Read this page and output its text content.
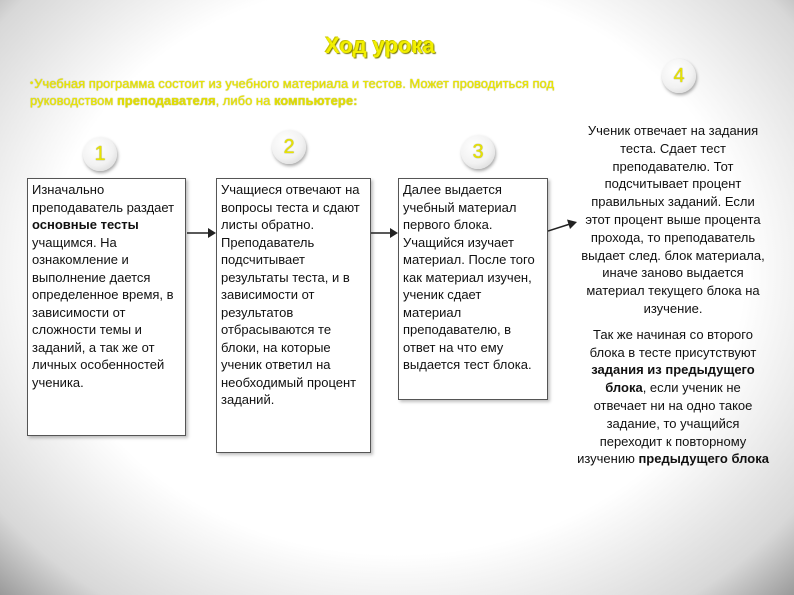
Ход урока
•Учебная программа состоит из учебного материала и тестов. Может проводиться под руководством преподавателя, либо на компьютере:
1	2	3
4
Изначально преподаватель раздает основные тесты учащимся. На ознакомление и выполнение дается определенное время, в зависимости от сложности темы и заданий, а так же от личных особенностей ученика.
Учащиеся отвечают на вопросы теста и сдают листы обратно. Преподаватель подсчитывает результаты теста, и в зависимости от результатов отбрасываются те блоки, на которые ученик ответил на необходимый процент заданий.
Далее выдается учебный материал первого блока. Учащийся изучает материал. После того как материал изучен, ученик сдает материал преподавателю, в ответ на что ему выдается тест блока.

Ученик отвечает на задания теста. Сдает тест преподавателю. Тот подсчитывает процент правильных заданий. Если этот процент выше процента прохода, то преподаватель выдает след. блок материала, иначе заново выдается материал текущего блока на изучение.

Так же начиная со второго блока в тесте присутствуют задания из предыдущего блока, если ученик не отвечает ни на одно такое задание, то учащийся переходит к повторному изучению предыдущего блока
